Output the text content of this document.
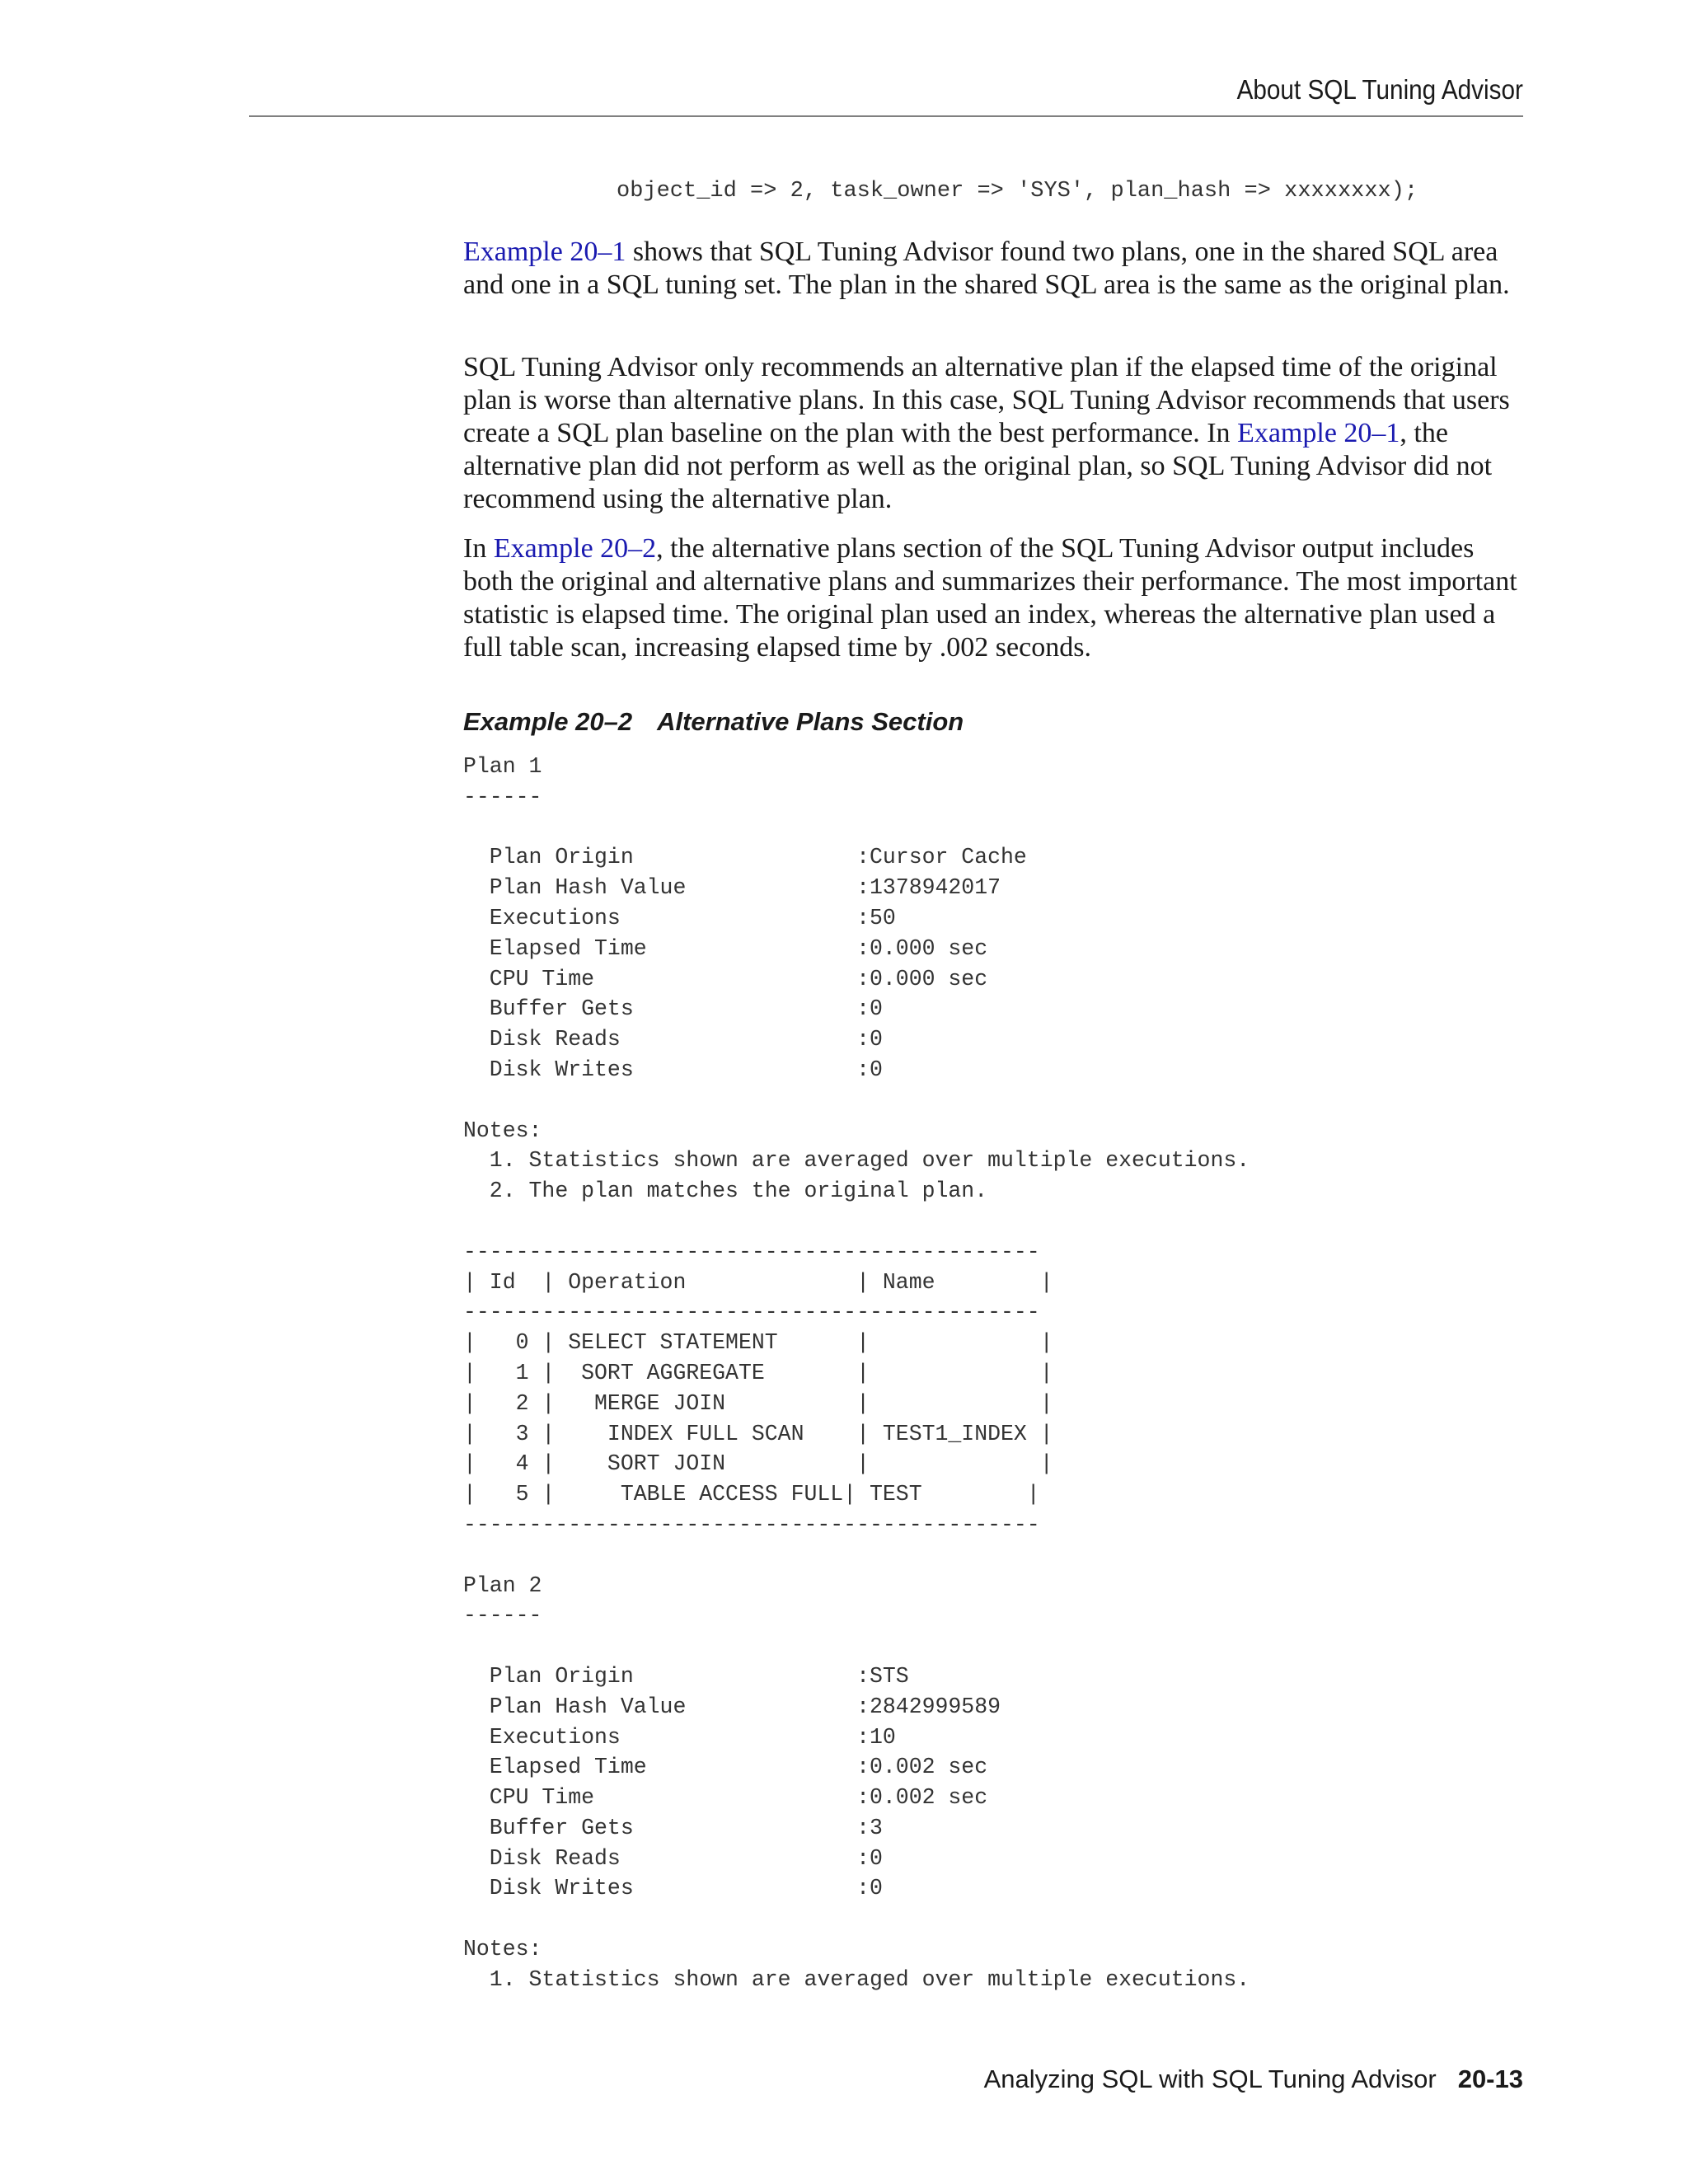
About SQL Tuning Advisor
object_id => 2, task_owner => 'SYS', plan_hash => xxxxxxxx);

Example 20–1 shows that SQL Tuning Advisor found two plans, one in the shared SQL area and one in a SQL tuning set. The plan in the shared SQL area is the same as the original plan.

SQL Tuning Advisor only recommends an alternative plan if the elapsed time of the original plan is worse than alternative plans. In this case, SQL Tuning Advisor recommends that users create a SQL plan baseline on the plan with the best performance. In Example 20–1, the alternative plan did not perform as well as the original plan, so SQL Tuning Advisor did not recommend using the alternative plan.

In Example 20–2, the alternative plans section of the SQL Tuning Advisor output includes both the original and alternative plans and summarizes their performance. The most important statistic is elapsed time. The original plan used an index, whereas the alternative plan used a full table scan, increasing elapsed time by .002 seconds.

Example 20–2 Alternative Plans Section
Plan 1
------

Plan Origin                 :Cursor Cache
Plan Hash Value             :1378942017
Executions                  :50
Elapsed Time                :0.000 sec
CPU Time                    :0.000 sec
Buffer Gets                 :0
Disk Reads                  :0
Disk Writes                 :0

Notes:
1. Statistics shown are averaged over multiple executions.
2. The plan matches the original plan.

--------------------------------------------
| Id  | Operation             | Name        |
--------------------------------------------
|   0 | SELECT STATEMENT      |             |
|   1 |  SORT AGGREGATE       |             |
|   2 |   MERGE JOIN          |             |
|   3 |    INDEX FULL SCAN    | TEST1_INDEX |
|   4 |    SORT JOIN          |             |
|   5 |     TABLE ACCESS FULL| TEST        |
--------------------------------------------

Plan 2
------

Plan Origin                 :STS
Plan Hash Value             :2842999589
Executions                  :10
Elapsed Time                :0.002 sec
CPU Time                    :0.002 sec
Buffer Gets                 :3
Disk Reads                  :0
Disk Writes                 :0

Notes:
1. Statistics shown are averaged over multiple executions.
Analyzing SQL with SQL Tuning Advisor 20-13
